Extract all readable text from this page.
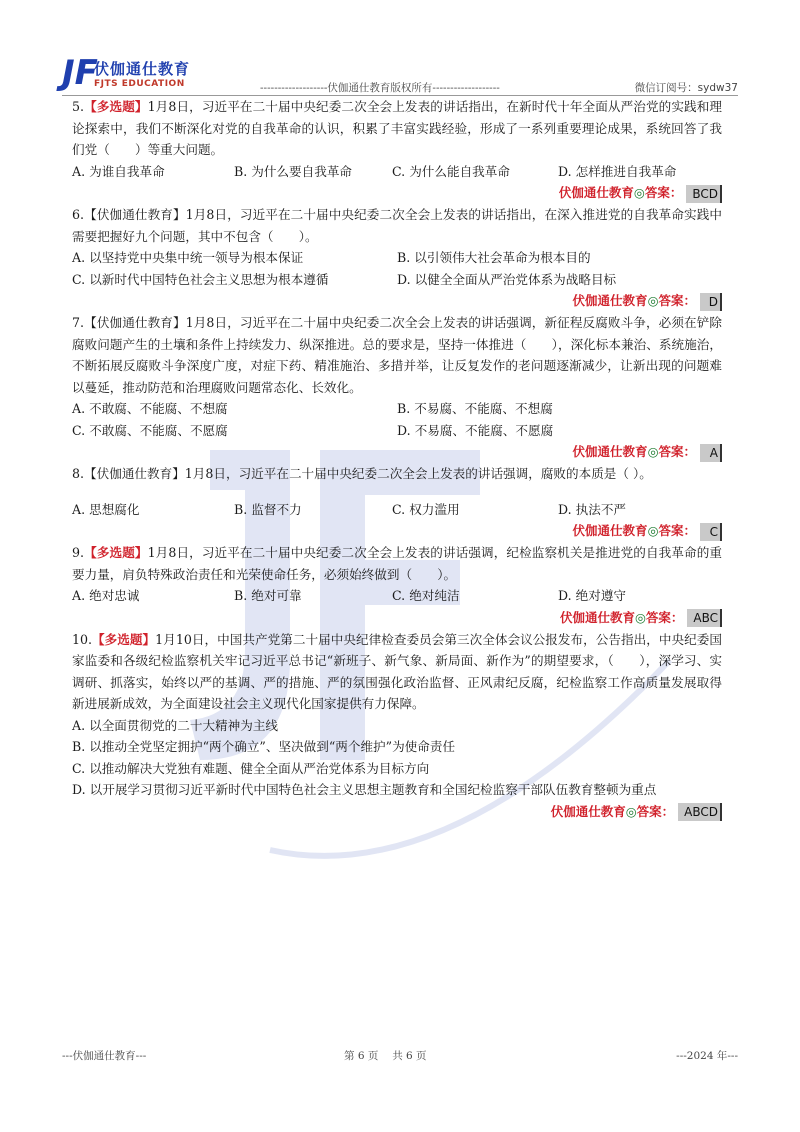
JF
伏伽通仕教育
FJTS EDUCATION	-------------------伏伽通仕教育版权所有-------------------	微信订阅号：sydw37

5.【多选题】1月8日，习近平在二十届中央纪委二次全会上发表的讲话指出，在新时代十年全面从严治党的实践和理论探索中，我们不断深化对党的自我革命的认识，积累了丰富实践经验，形成了一系列重要理论成果，系统回答了我们党（　　）等重大问题。

A. 为谁自我革命	B. 为什么要自我革命	C. 为什么能自我革命	D. 怎样推进自我革命
伏伽通仕教育◎答案： BCD

6.【伏伽通仕教育】1月8日，习近平在二十届中央纪委二次全会上发表的讲话指出，在深入推进党的自我革命实践中需要把握好九个问题，其中不包含（　　）。

A. 以坚持党中央集中统一领导为根本保证	B. 以引领伟大社会革命为根本目的
C. 以新时代中国特色社会主义思想为根本遵循	D. 以健全全面从严治党体系为战略目标
伏伽通仕教育◎答案： D

7.【伏伽通仕教育】1月8日，习近平在二十届中央纪委二次全会上发表的讲话强调，新征程反腐败斗争，必须在铲除腐败问题产生的土壤和条件上持续发力、纵深推进。总的要求是，坚持一体推进（　　），深化标本兼治、系统施治，不断拓展反腐败斗争深度广度，对症下药、精准施治、多措并举，让反复发作的老问题逐渐减少，让新出现的问题难以蔓延，推动防范和治理腐败问题常态化、长效化。

A. 不敢腐、不能腐、不想腐	B. 不易腐、不能腐、不想腐
C. 不敢腐、不能腐、不愿腐	D. 不易腐、不能腐、不愿腐
伏伽通仕教育◎答案： A

8.【伏伽通仕教育】1月8日，习近平在二十届中央纪委二次全会上发表的讲话强调，腐败的本质是（ ）。

A. 思想腐化	B. 监督不力	C. 权力滥用	D. 执法不严
伏伽通仕教育◎答案： C

9.【多选题】1月8日，习近平在二十届中央纪委二次全会上发表的讲话强调，纪检监察机关是推进党的自我革命的重要力量，肩负特殊政治责任和光荣使命任务，必须始终做到（　　）。

A. 绝对忠诚	B. 绝对可靠	C. 绝对纯洁	D. 绝对遵守
伏伽通仕教育◎答案： ABC

10.【多选题】1月10日，中国共产党第二十届中央纪律检查委员会第三次全体会议公报发布，公告指出，中央纪委国家监委和各级纪检监察机关牢记习近平总书记“新班子、新气象、新局面、新作为”的期望要求，（　　），深学习、实调研、抓落实，始终以严的基调、严的措施、严的氛围强化政治监督、正风肃纪反腐，纪检监察工作高质量发展取得新进展新成效，为全面建设社会主义现代化国家提供有力保障。

A. 以全面贯彻党的二十大精神为主线
B. 以推动全党坚定拥护“两个确立”、坚决做到“两个维护”为使命责任
C. 以推动解决大党独有难题、健全全面从严治党体系为目标方向
D. 以开展学习贯彻习近平新时代中国特色社会主义思想主题教育和全国纪检监察干部队伍教育整顿为重点
伏伽通仕教育◎答案： ABCD
---伏伽通仕教育---	第 6 页　 共 6 页	---2024 年---
